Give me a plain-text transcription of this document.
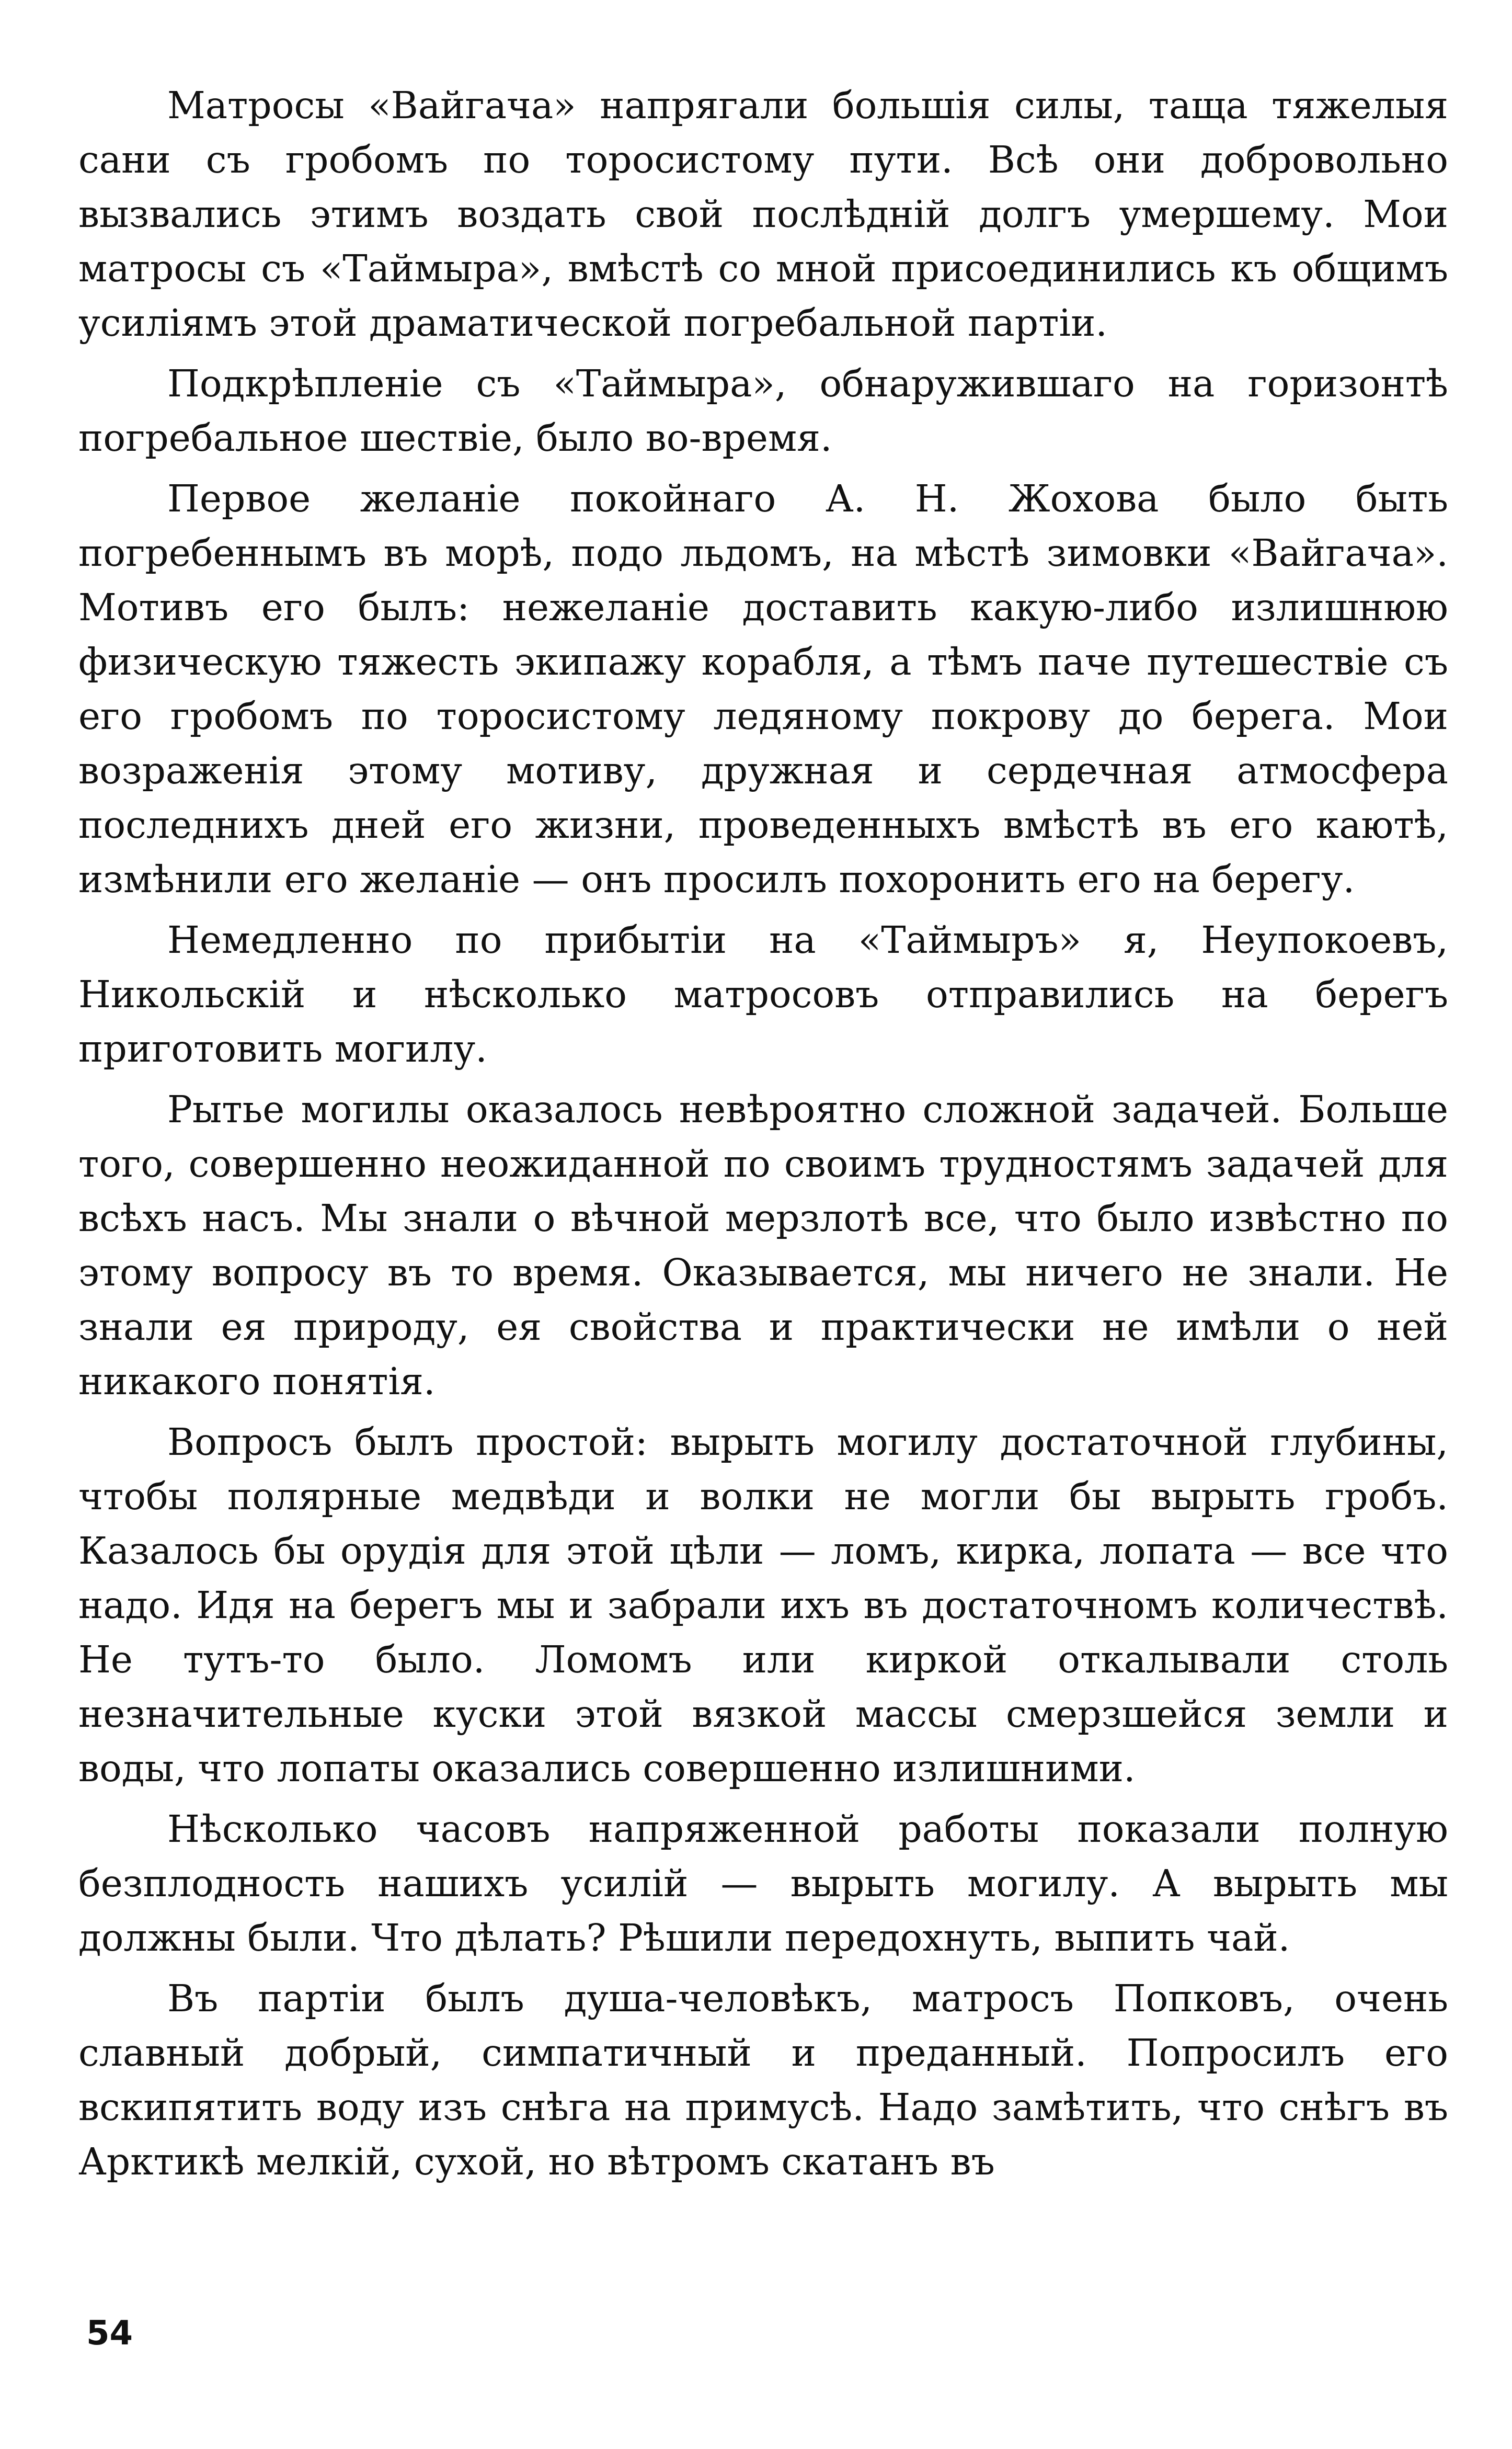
Матросы «Вайгача» напрягали большія силы, таща тяжелыя сани съ гробомъ по торосистому пути. Всѣ они добровольно вызвались этимъ воздать свой послѣдній долгъ умершему. Мои матросы съ «Таймыра», вмѣстѣ со мной присоединились къ общимъ усиліямъ этой драматической погребальной партіи.

Подкрѣпленіе съ «Таймыра», обнаружившаго на горизонтѣ погребальное шествіе, было во-время.

Первое желаніе покойнаго А. Н. Жохова было быть погребеннымъ въ морѣ, подо льдомъ, на мѣстѣ зимовки «Вайгача». Мотивъ его былъ: нежеланіе доставить какую-либо излишнюю физическую тяжесть экипажу корабля, а тѣмъ паче путешествіе съ его гробомъ по торосистому ледяному покрову до берега. Мои возраженія этому мотиву, дружная и сердечная атмосфера последнихъ дней его жизни, проведенныхъ вмѣстѣ въ его каютѣ, измѣнили его желаніе — онъ просилъ похоронить его на берегу.

Немедленно по прибытіи на «Таймыръ» я, Неупокоевъ, Никольскій и нѣсколько матросовъ отправились на берегъ приготовить могилу.

Рытье могилы оказалось невѣроятно сложной задачей. Больше того, совершенно неожиданной по своимъ трудностямъ задачей для всѣхъ насъ. Мы знали о вѣчной мерзлотѣ все, что было извѣстно по этому вопросу въ то время. Оказывается, мы ничего не знали. Не знали ея природу, ея свойства и практически не имѣли о ней никакого понятія.

Вопросъ былъ простой: вырыть могилу достаточной глубины, чтобы полярные медвѣди и волки не могли бы вырыть гробъ. Казалось бы орудія для этой цѣли — ломъ, кирка, лопата — все что надо. Идя на берегъ мы и забрали ихъ въ достаточномъ количествѣ. Не тутъ-то было. Ломомъ или киркой откалывали столь незначительные куски этой вязкой массы смерзшейся земли и воды, что лопаты оказались совершенно излишними.

Нѣсколько часовъ напряженной работы показали полную безплодность нашихъ усилій — вырыть могилу. А вырыть мы должны были. Что дѣлать? Рѣшили передохнуть, выпить чай.

Въ партіи былъ душа-человѣкъ, матросъ Попковъ, очень славный добрый, симпатичный и преданный. Попросилъ его вскипятить воду изъ снѣга на примусѣ. Надо замѣтить, что снѣгъ въ Арктикѣ мелкій, сухой, но вѣтромъ скатанъ въ

54
